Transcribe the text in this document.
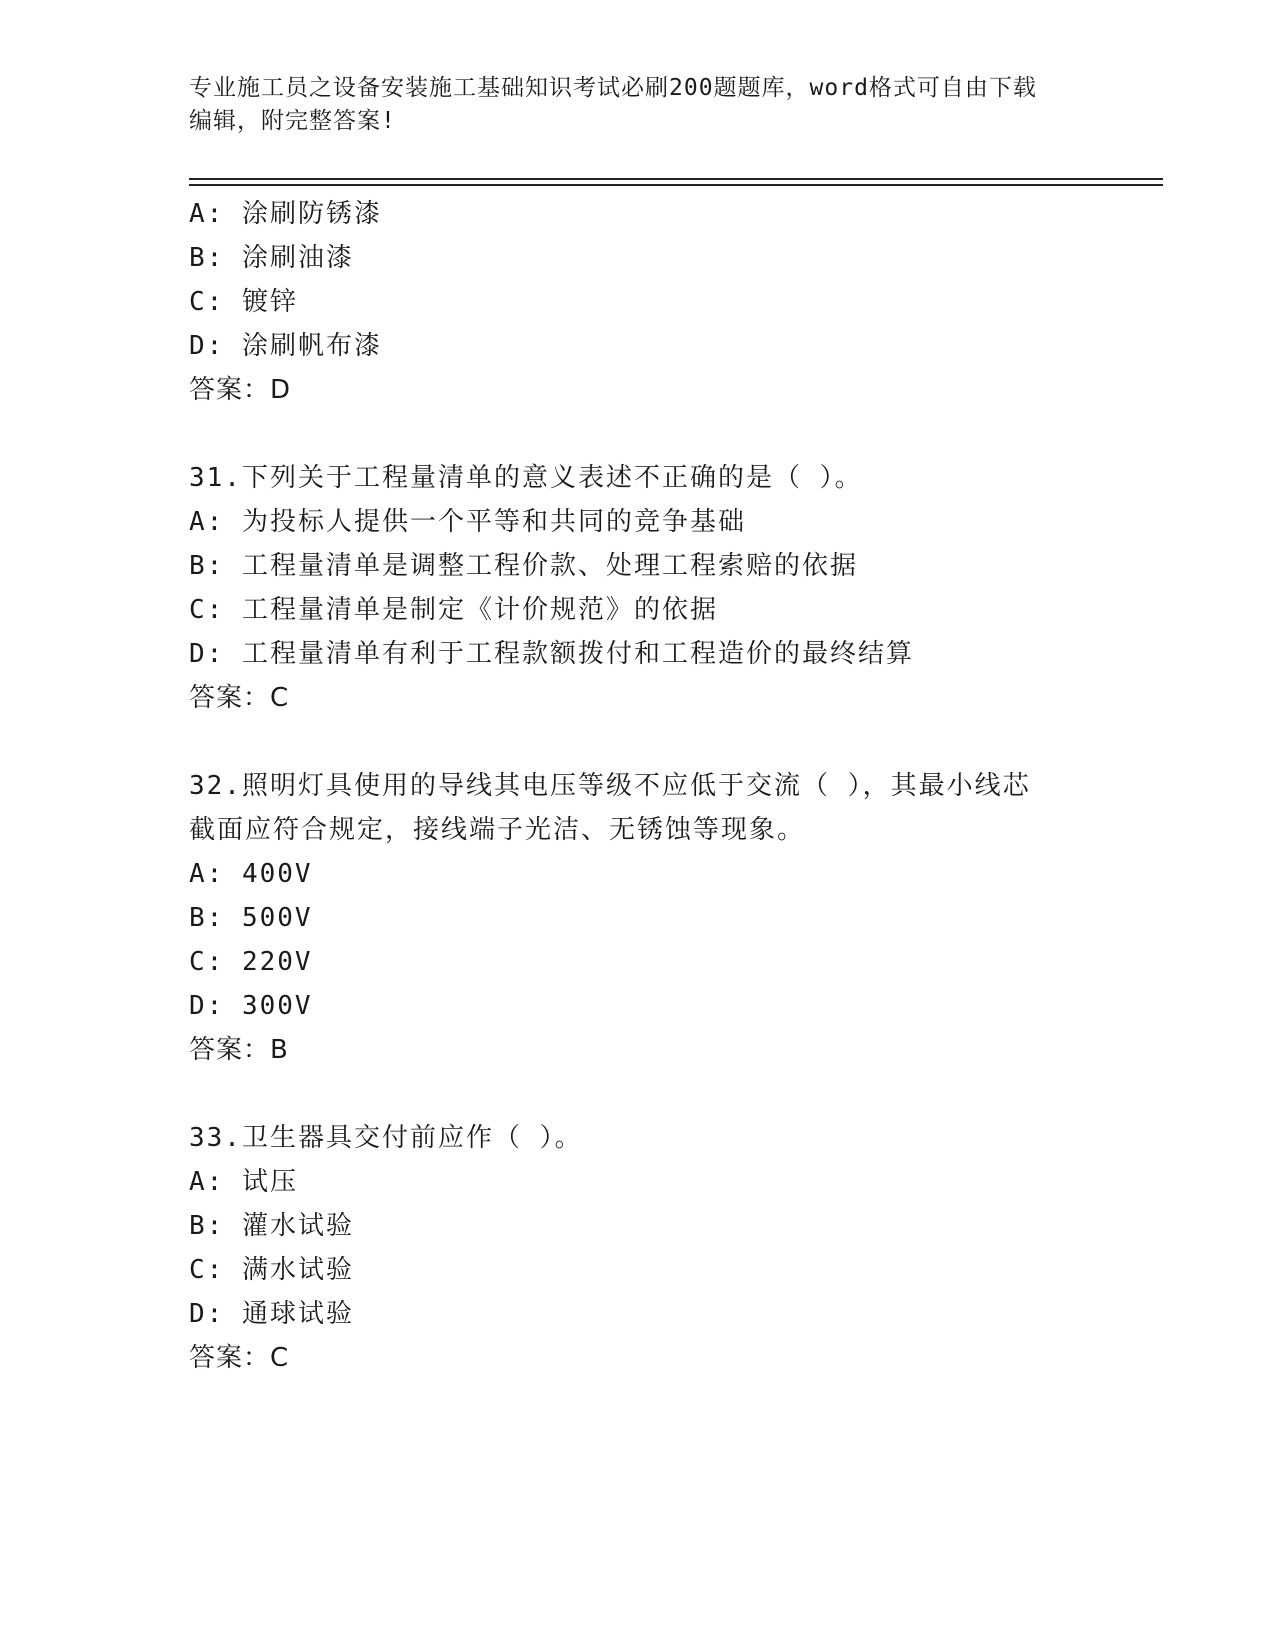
专业施工员之设备安装施工基础知识考试必刷200题题库，word格式可自由下载
编辑，附完整答案!
A: 涂刷防锈漆
B: 涂刷油漆
C: 镀锌
D: 涂刷帆布漆
答案：D
31.下列关于工程量清单的意义表述不正确的是（ ）。
A: 为投标人提供一个平等和共同的竞争基础
B: 工程量清单是调整工程价款、处理工程索赔的依据
C: 工程量清单是制定《计价规范》的依据
D: 工程量清单有利于工程款额拨付和工程造价的最终结算
答案：C
32.照明灯具使用的导线其电压等级不应低于交流（ ），其最小线芯
截面应符合规定，接线端子光洁、无锈蚀等现象。
A: 400V
B: 500V
C: 220V
D: 300V
答案：B
33.卫生器具交付前应作（ ）。
A: 试压
B: 灌水试验
C: 满水试验
D: 通球试验
答案：C
